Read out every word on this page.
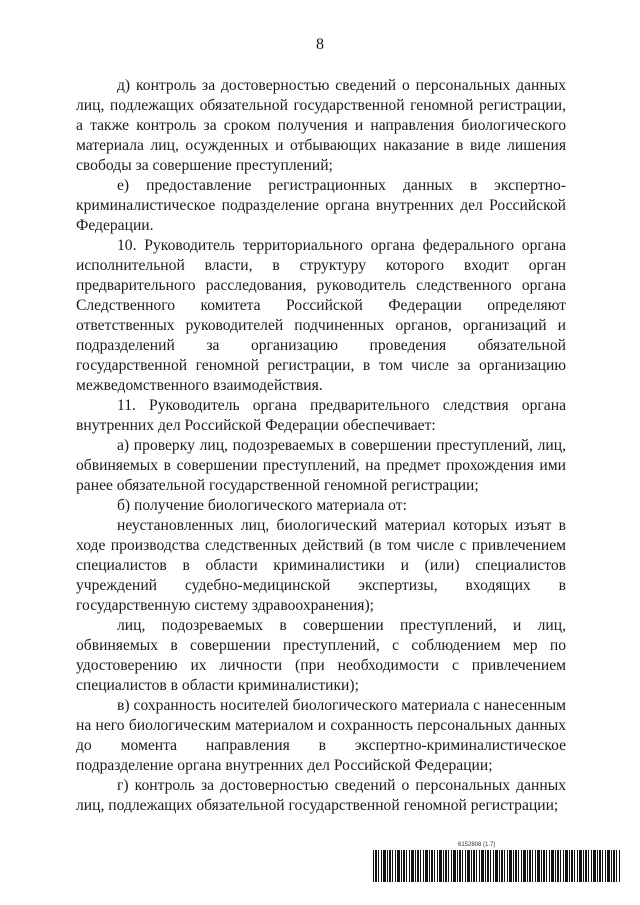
8

д) контроль за достоверностью сведений о персональных данных лиц, подлежащих обязательной государственной геномной регистрации, а также контроль за сроком получения и направления биологического материала лиц, осужденных и отбывающих наказание в виде лишения свободы за совершение преступлений;

е) предоставление регистрационных данных в экспертно-криминалистическое подразделение органа внутренних дел Российской Федерации.

10. Руководитель территориального органа федерального органа исполнительной власти, в структуру которого входит орган предварительного расследования, руководитель следственного органа Следственного комитета Российской Федерации определяют ответственных руководителей подчиненных органов, организаций и подразделений за организацию проведения обязательной государственной геномной регистрации, в том числе за организацию межведомственного взаимодействия.

11. Руководитель органа предварительного следствия органа внутренних дел Российской Федерации обеспечивает:

а) проверку лиц, подозреваемых в совершении преступлений, лиц, обвиняемых в совершении преступлений, на предмет прохождения ими ранее обязательной государственной геномной регистрации;

б) получение биологического материала от:

неустановленных лиц, биологический материал которых изъят в ходе производства следственных действий (в том числе с привлечением специалистов в области криминалистики и (или) специалистов учреждений судебно-медицинской экспертизы, входящих в государственную систему здравоохранения);

лиц, подозреваемых в совершении преступлений, и лиц, обвиняемых в совершении преступлений, с соблюдением мер по удостоверению их личности (при необходимости с привлечением специалистов в области криминалистики);

в) сохранность носителей биологического материала с нанесенным на него биологическим материалом и сохранность персональных данных до момента направления в экспертно-криминалистическое подразделение органа внутренних дел Российской Федерации;

г) контроль за достоверностью сведений о персональных данных лиц, подлежащих обязательной государственной геномной регистрации;

6152808 (1.7)
